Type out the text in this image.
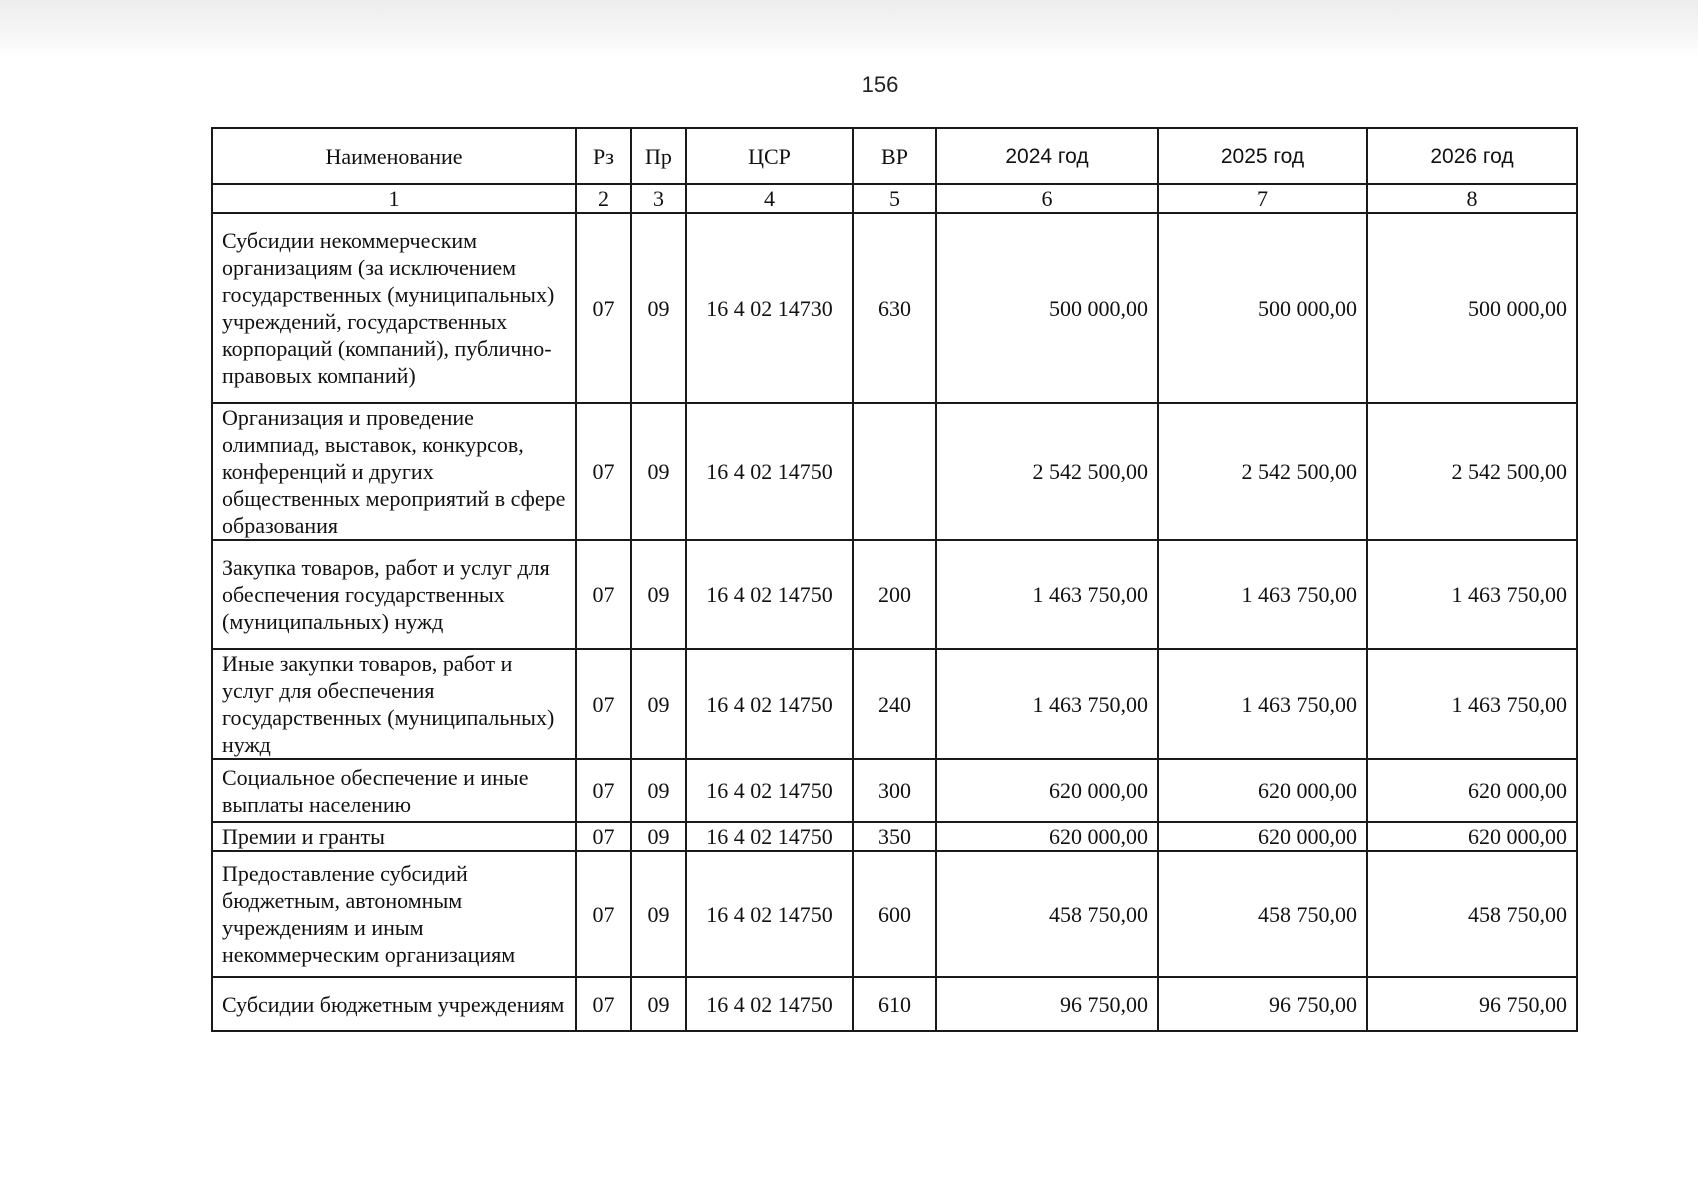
156
Наименование	Рз	Пр	ЦСР	ВР	2024 год	2025 год	2026 год
1	2	3	4	5	6	7	8
Субсидии некоммерческим организациям (за исключением государственных (муниципальных) учреждений, государственных корпораций (компаний), публично-правовых компаний)	07	09	16 4 02 14730	630	500 000,00	500 000,00	500 000,00
Организация и проведение олимпиад, выставок, конкурсов, конференций и других общественных мероприятий в сфере образования	07	09	16 4 02 14750		2 542 500,00	2 542 500,00	2 542 500,00
Закупка товаров, работ и услуг для обеспечения государственных (муниципальных) нужд	07	09	16 4 02 14750	200	1 463 750,00	1 463 750,00	1 463 750,00
Иные закупки товаров, работ и услуг для обеспечения государственных (муниципальных) нужд	07	09	16 4 02 14750	240	1 463 750,00	1 463 750,00	1 463 750,00
Социальное обеспечение и иные выплаты населению	07	09	16 4 02 14750	300	620 000,00	620 000,00	620 000,00
Премии и гранты	07	09	16 4 02 14750	350	620 000,00	620 000,00	620 000,00
Предоставление субсидий бюджетным, автономным учреждениям и иным некоммерческим организациям	07	09	16 4 02 14750	600	458 750,00	458 750,00	458 750,00
Субсидии бюджетным учреждениям	07	09	16 4 02 14750	610	96 750,00	96 750,00	96 750,00
